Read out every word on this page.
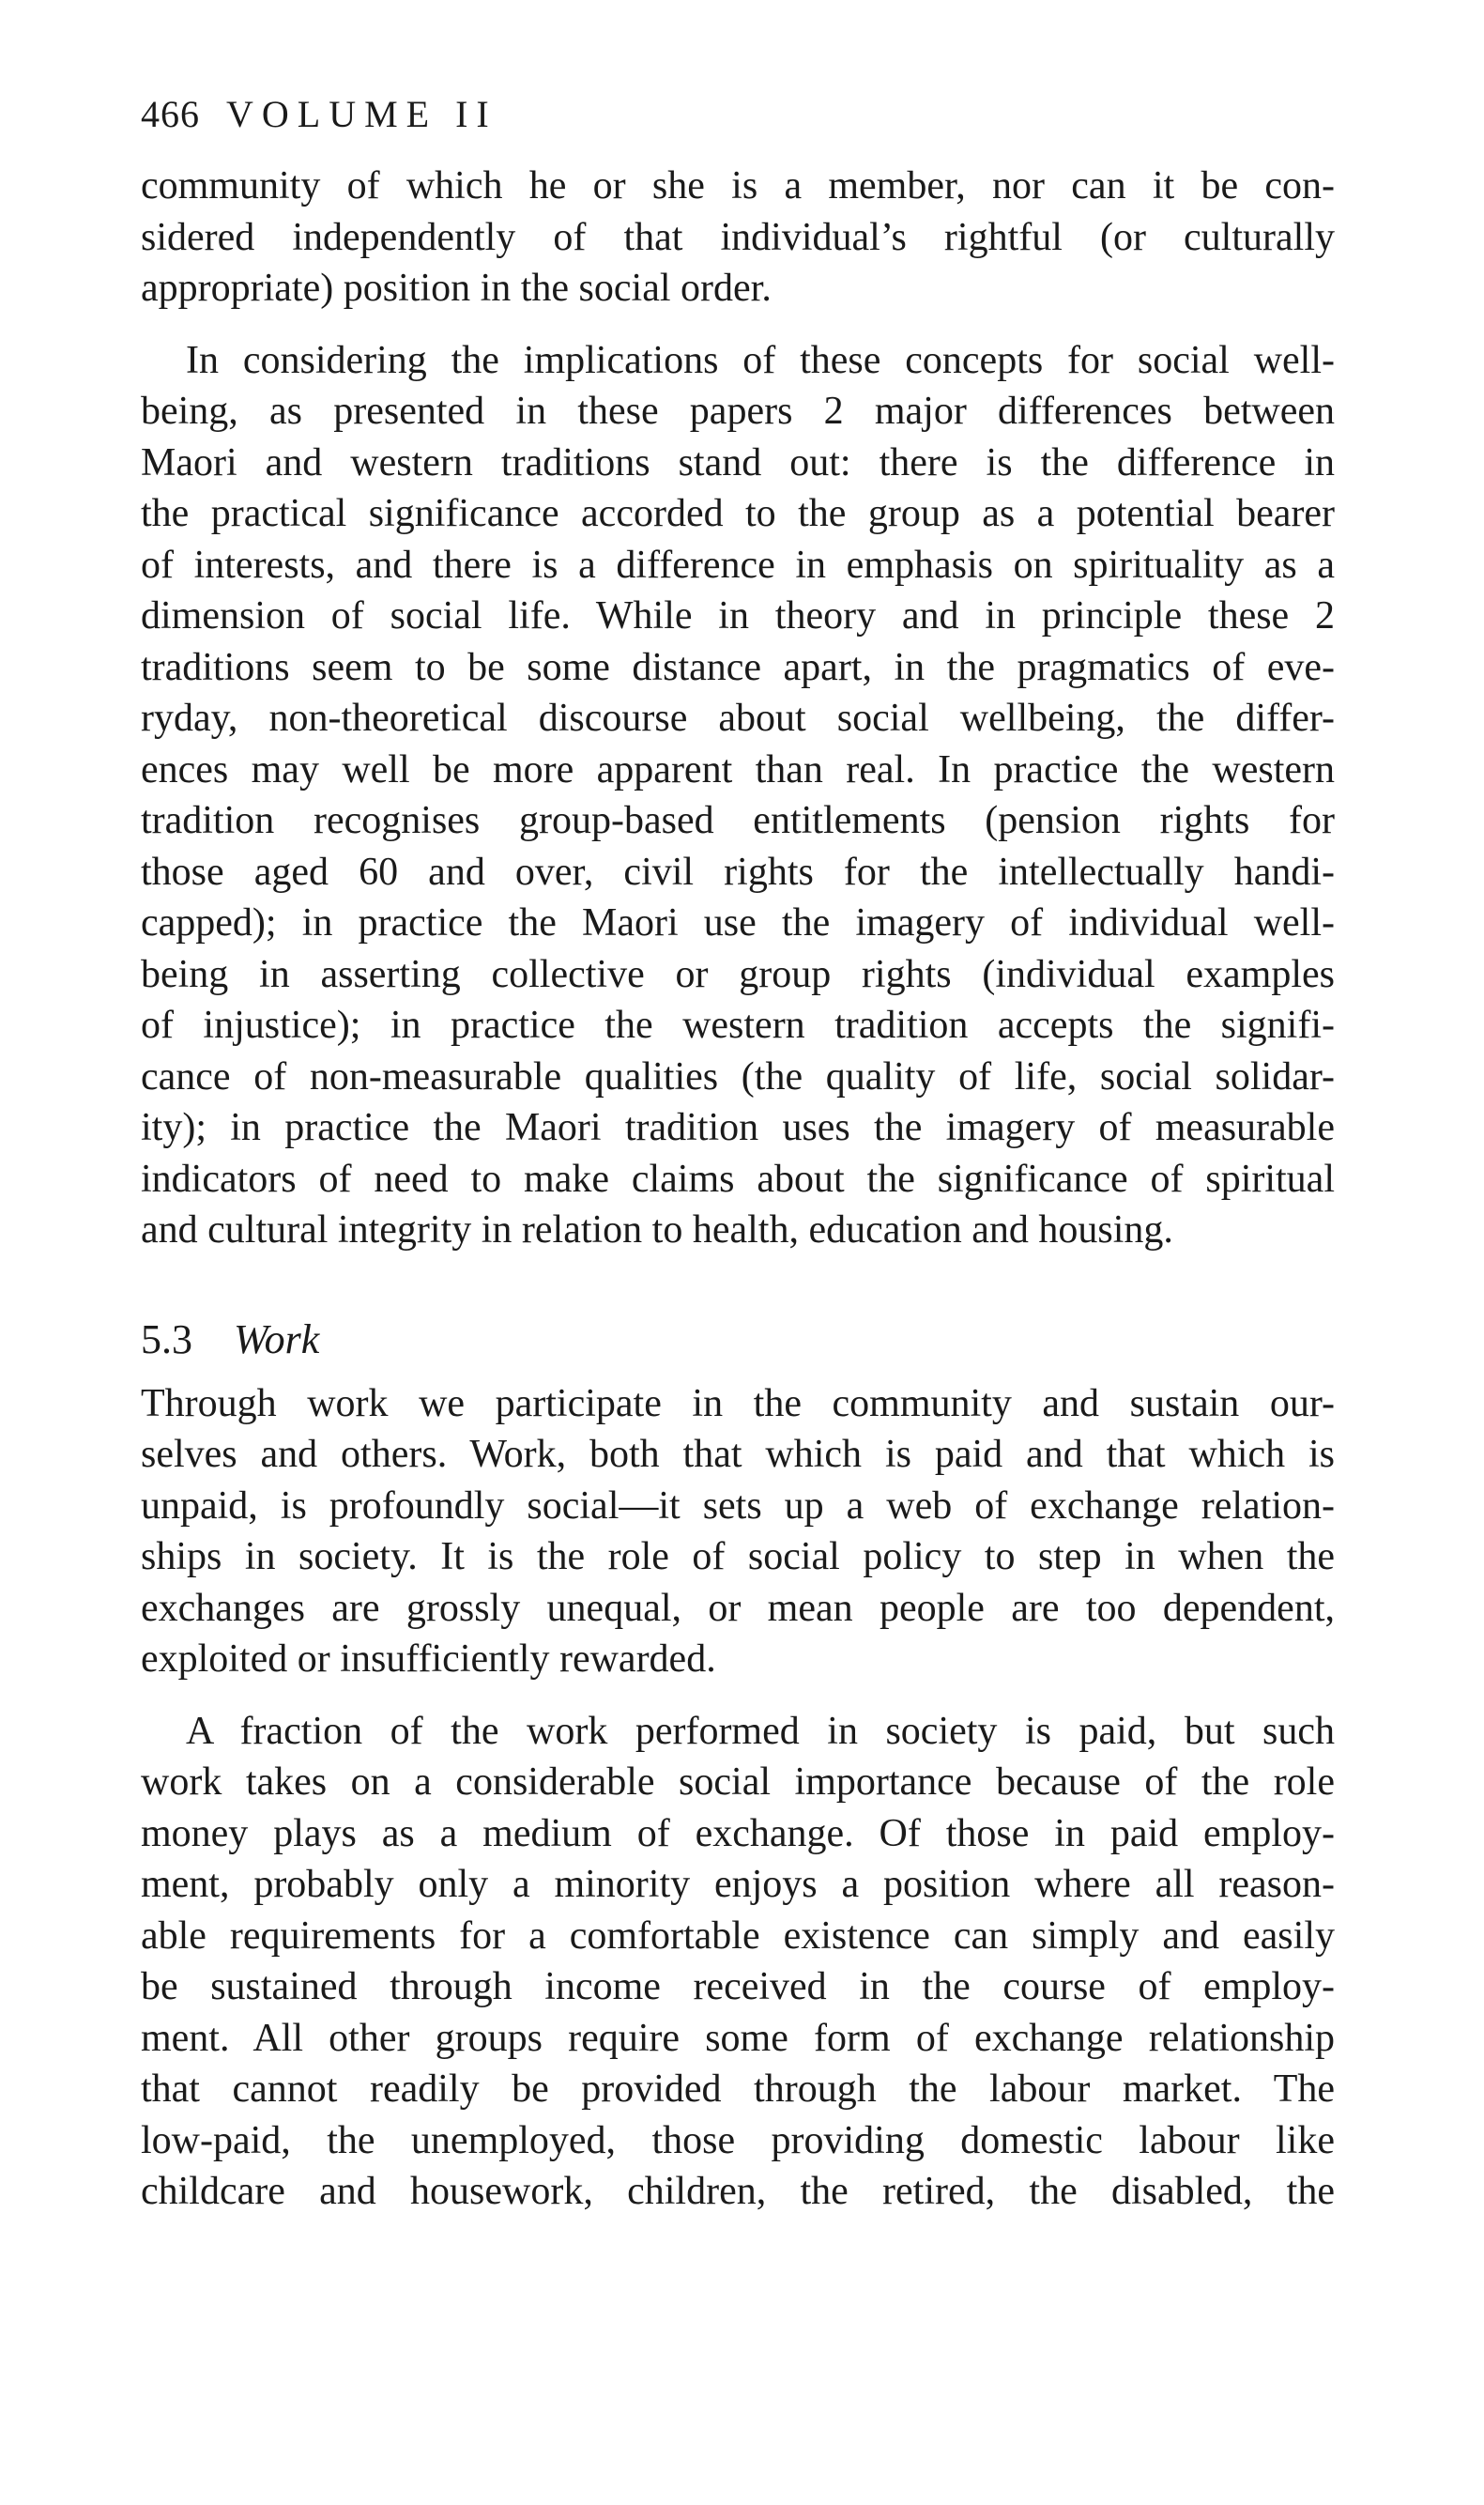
466 VOLUME II

community of which he or she is a member, nor can it be con-
sidered independently of that individual’s rightful (or culturally
appropriate) position in the social order.

In considering the implications of these concepts for social well-
being, as presented in these papers 2 major differences between
Maori and western traditions stand out: there is the difference in
the practical significance accorded to the group as a potential bearer
of interests, and there is a difference in emphasis on spirituality as a
dimension of social life. While in theory and in principle these 2
traditions seem to be some distance apart, in the pragmatics of eve-
ryday, non-theoretical discourse about social wellbeing, the differ-
ences may well be more apparent than real. In practice the western
tradition recognises group-based entitlements (pension rights for
those aged 60 and over, civil rights for the intellectually handi-
capped); in practice the Maori use the imagery of individual well-
being in asserting collective or group rights (individual examples
of injustice); in practice the western tradition accepts the signifi-
cance of non-measurable qualities (the quality of life, social solidar-
ity); in practice the Maori tradition uses the imagery of measurable
indicators of need to make claims about the significance of spiritual
and cultural integrity in relation to health, education and housing.

5.3 Work

Through work we participate in the community and sustain our-
selves and others. Work, both that which is paid and that which is
unpaid, is profoundly social—it sets up a web of exchange relation-
ships in society. It is the role of social policy to step in when the
exchanges are grossly unequal, or mean people are too dependent,
exploited or insufficiently rewarded.

A fraction of the work performed in society is paid, but such
work takes on a considerable social importance because of the role
money plays as a medium of exchange. Of those in paid employ-
ment, probably only a minority enjoys a position where all reason-
able requirements for a comfortable existence can simply and easily
be sustained through income received in the course of employ-
ment. All other groups require some form of exchange relationship
that cannot readily be provided through the labour market. The
low-paid, the unemployed, those providing domestic labour like
childcare and housework, children, the retired, the disabled, the
